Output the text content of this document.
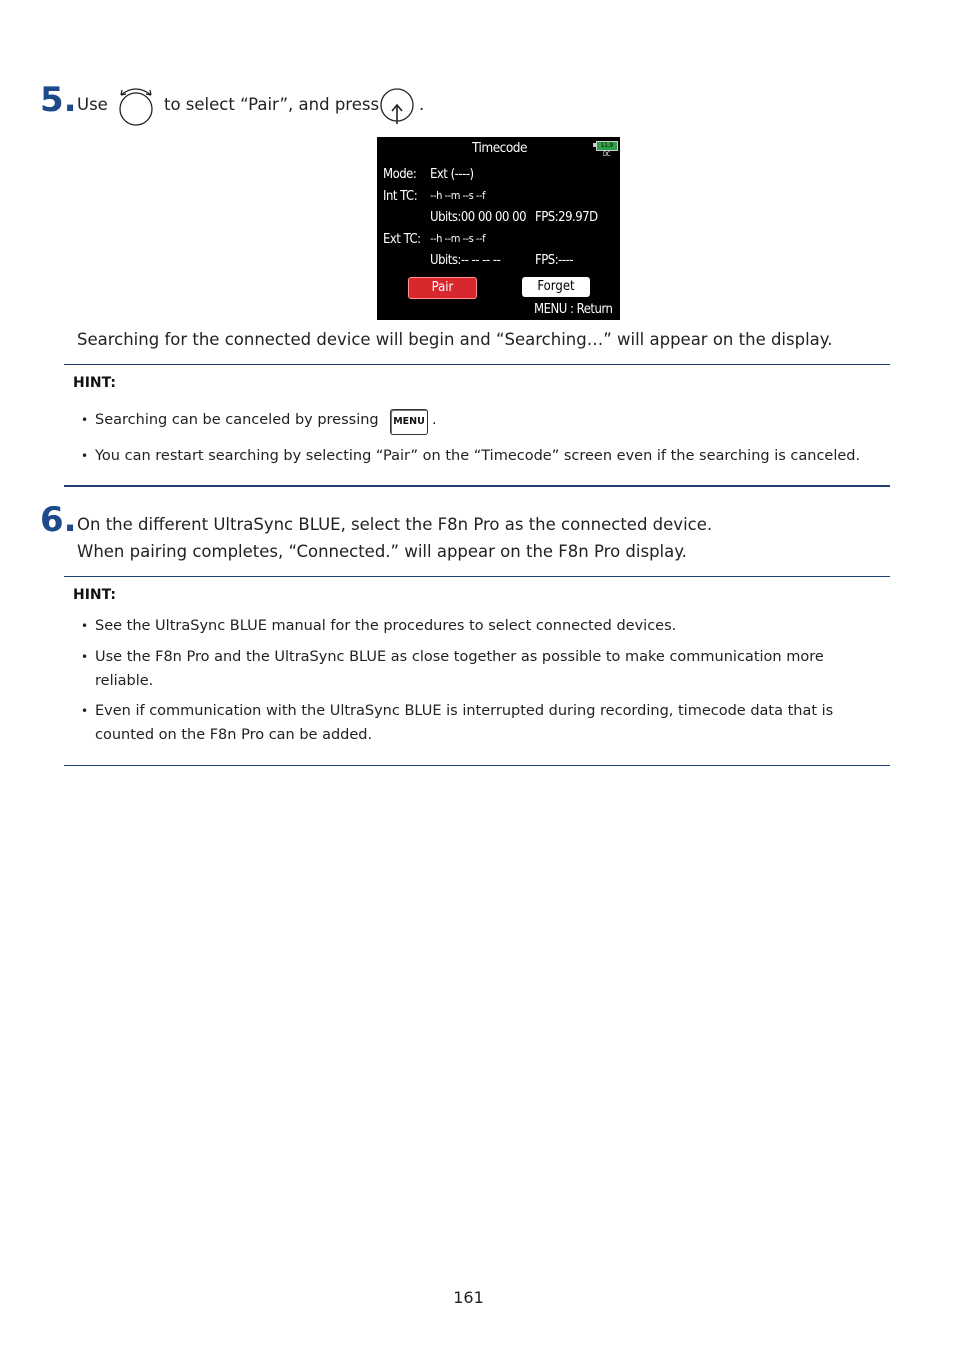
5. Use	to select “Pair”, and press .
Timecode	11.9
DC
Mode: Ext (----)
Int TC: --h --m --s --f
Ubits:00 00 00 00 FPS:29.97D
Ext TC: --h --m --s --f
Ubits:-- -- -- --	FPS:----
Pair	Forget
MENU : Return
Searching for the connected device will begin and “Searching…” will appear on the display.
HINT:
• Searching can be canceled by pressing	MENU .
• You can restart searching by selecting “Pair” on the “Timecode” screen even if the searching is canceled.
6. On the different UltraSync BLUE, select the F8n Pro as the connected device.
When pairing completes, “Connected.” will appear on the F8n Pro display.
HINT:
• See the UltraSync BLUE manual for the procedures to select connected devices.
• Use the F8n Pro and the UltraSync BLUE as close together as possible to make communication more reliable.
• Even if communication with the UltraSync BLUE is interrupted during recording, timecode data that is counted on the F8n Pro can be added.
161
